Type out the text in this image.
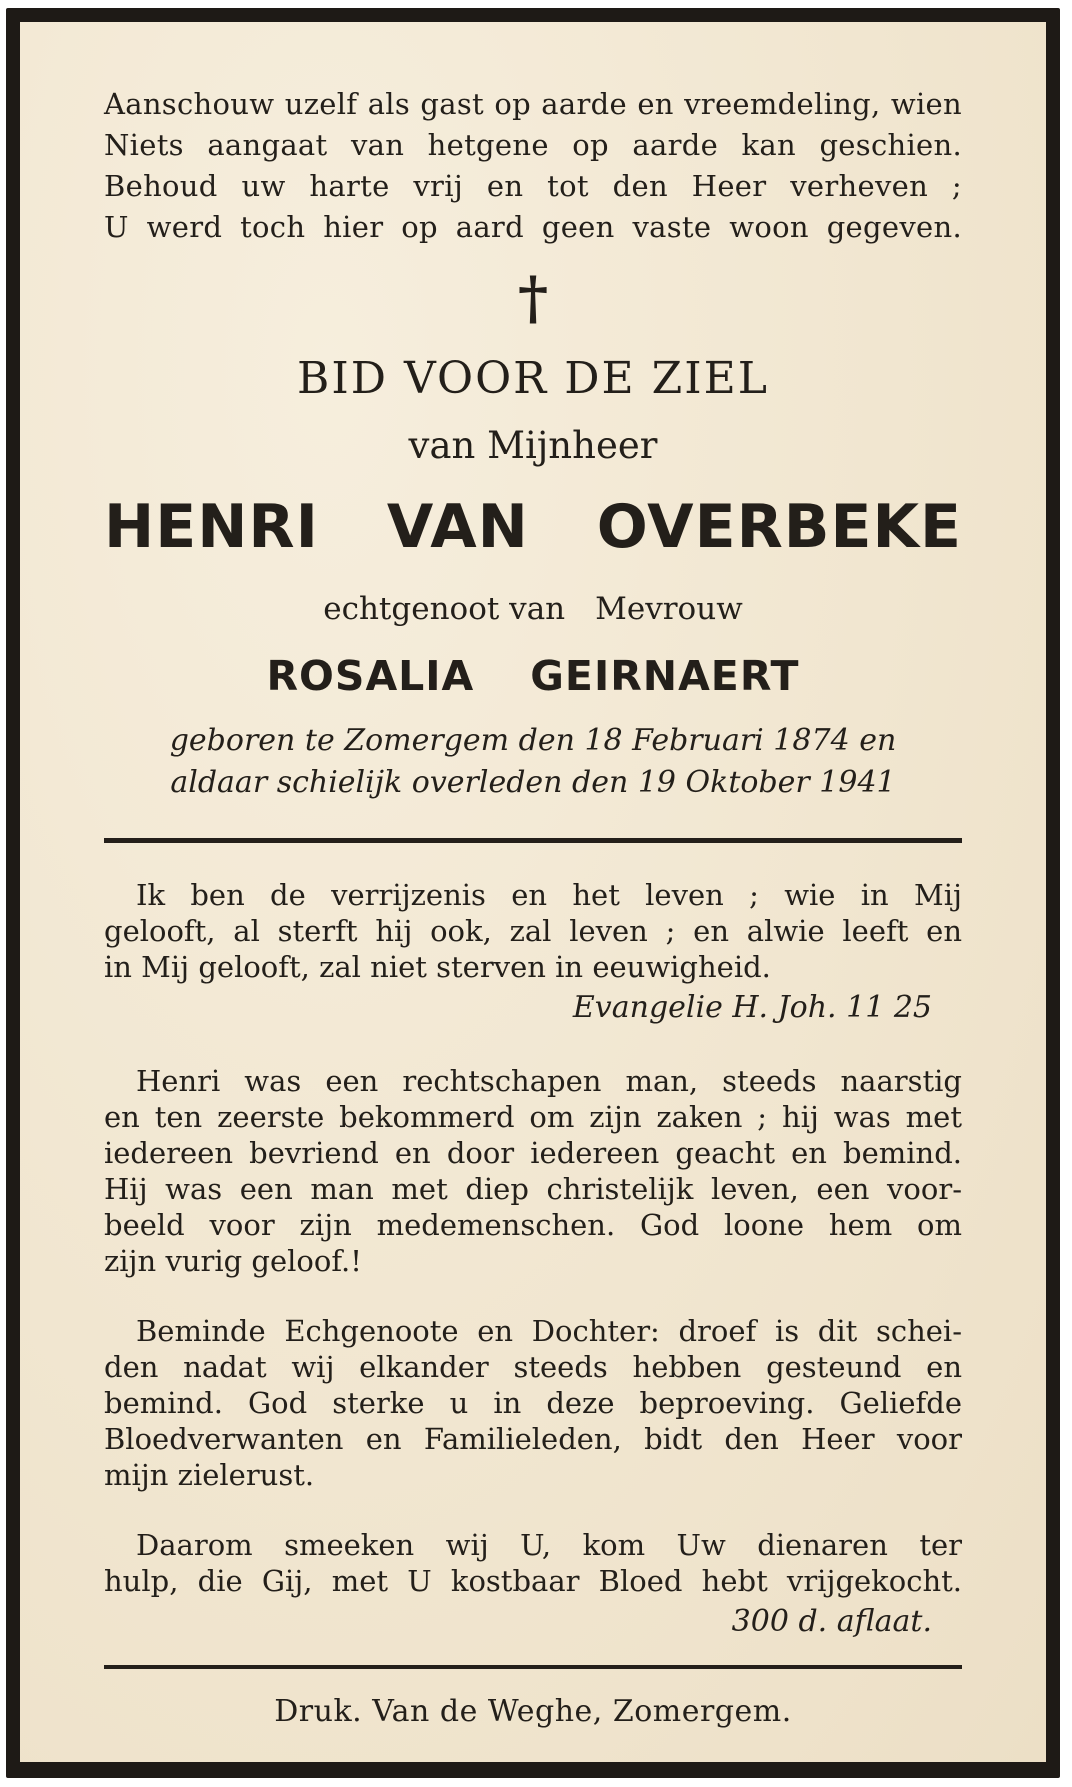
Aanschouw uzelf als gast op aarde en vreemdeling, wien

Niets aangaat van hetgene op aarde kan geschien.

Behoud uw harte vrij en tot den Heer verheven ;

U werd toch hier op aard geen vaste woon gegeven.

†
BID VOOR DE ZIEL
van Mijnheer
HENRI VAN OVERBEKE
echtgenoot van Mevrouw
ROSALIA GEIRNAERT

geboren te Zomergem den 18 Februari 1874 en

aldaar schielijk overleden den 19 Oktober 1941

Ik ben de verrijzenis en het leven ; wie in Mij

gelooft, al sterft hij ook, zal leven ; en alwie leeft en

in Mij gelooft, zal niet sterven in eeuwigheid.

Evangelie H. Joh. 11 25

Henri was een rechtschapen man, steeds naarstig

en ten zeerste bekommerd om zijn zaken ; hij was met

iedereen bevriend en door iedereen geacht en bemind.

Hij was een man met diep christelijk leven, een voor-

beeld voor zijn medemenschen. God loone hem om

zijn vurig geloof.!

Beminde Echgenoote en Dochter: droef is dit schei-

den nadat wij elkander steeds hebben gesteund en

bemind. God sterke u in deze beproeving. Geliefde

Bloedverwanten en Familieleden, bidt den Heer voor

mijn zielerust.

Daarom smeeken wij U, kom Uw dienaren ter

hulp, die Gij, met U kostbaar Bloed hebt vrijgekocht.

300 d. aflaat.
Druk. Van de Weghe, Zomergem.
